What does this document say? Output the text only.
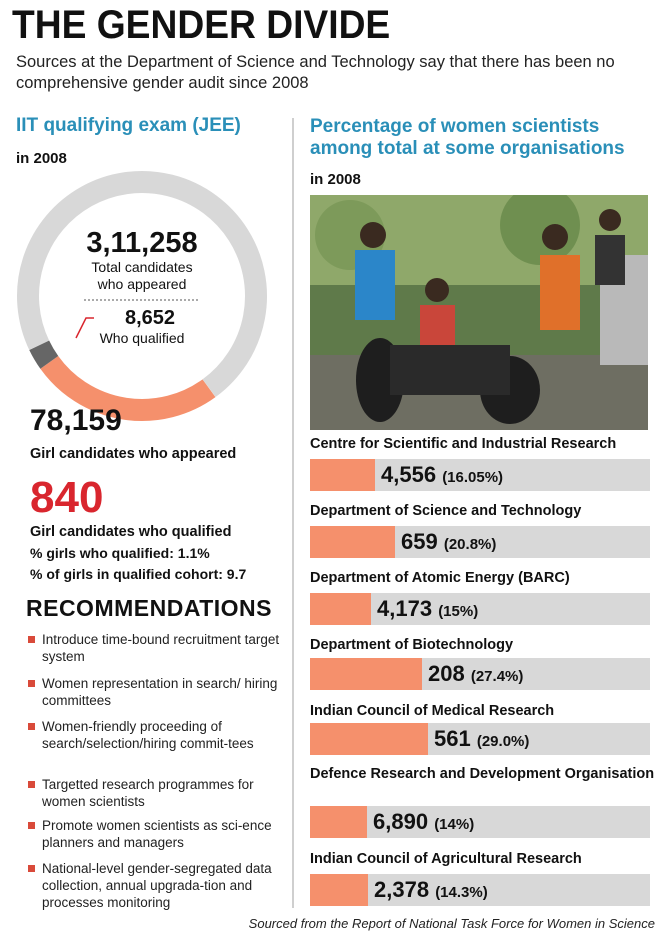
THE GENDER DIVIDE
Sources at the Department of Science and Technology say that there has been no comprehensive gender audit since 2008
IIT qualifying exam (JEE)
in 2008
3,11,258
Total candidates
who appeared
8,652
Who qualified
78,159
Girl candidates who appeared
840
Girl candidates who qualified
% girls who qualified: 1.1%
% of girls in qualified cohort: 9.7
RECOMMENDATIONS
Introduce time-bound recruitment target system
Women representation in search/ hiring committees
Women-friendly proceeding of search/selection/hiring commit-tees
Targetted research programmes for women scientists
Promote women scientists as sci-ence planners and managers
National-level gender-segregated data collection, annual upgrada-tion and processes monitoring
Percentage of women scientists
among total at some organisations
in 2008
Centre for Scientific and Industrial Research
4,556 (16.05%)
Department of Science and Technology
659 (20.8%)
Department of Atomic Energy (BARC)
4,173 (15%)
Department of Biotechnology
208 (27.4%)
Indian Council of Medical Research
561 (29.0%)
Defence Research and Development Organisation
6,890 (14%)
Indian Council of Agricultural Research
2,378 (14.3%)
Sourced from the Report of National Task Force for Women in Science
